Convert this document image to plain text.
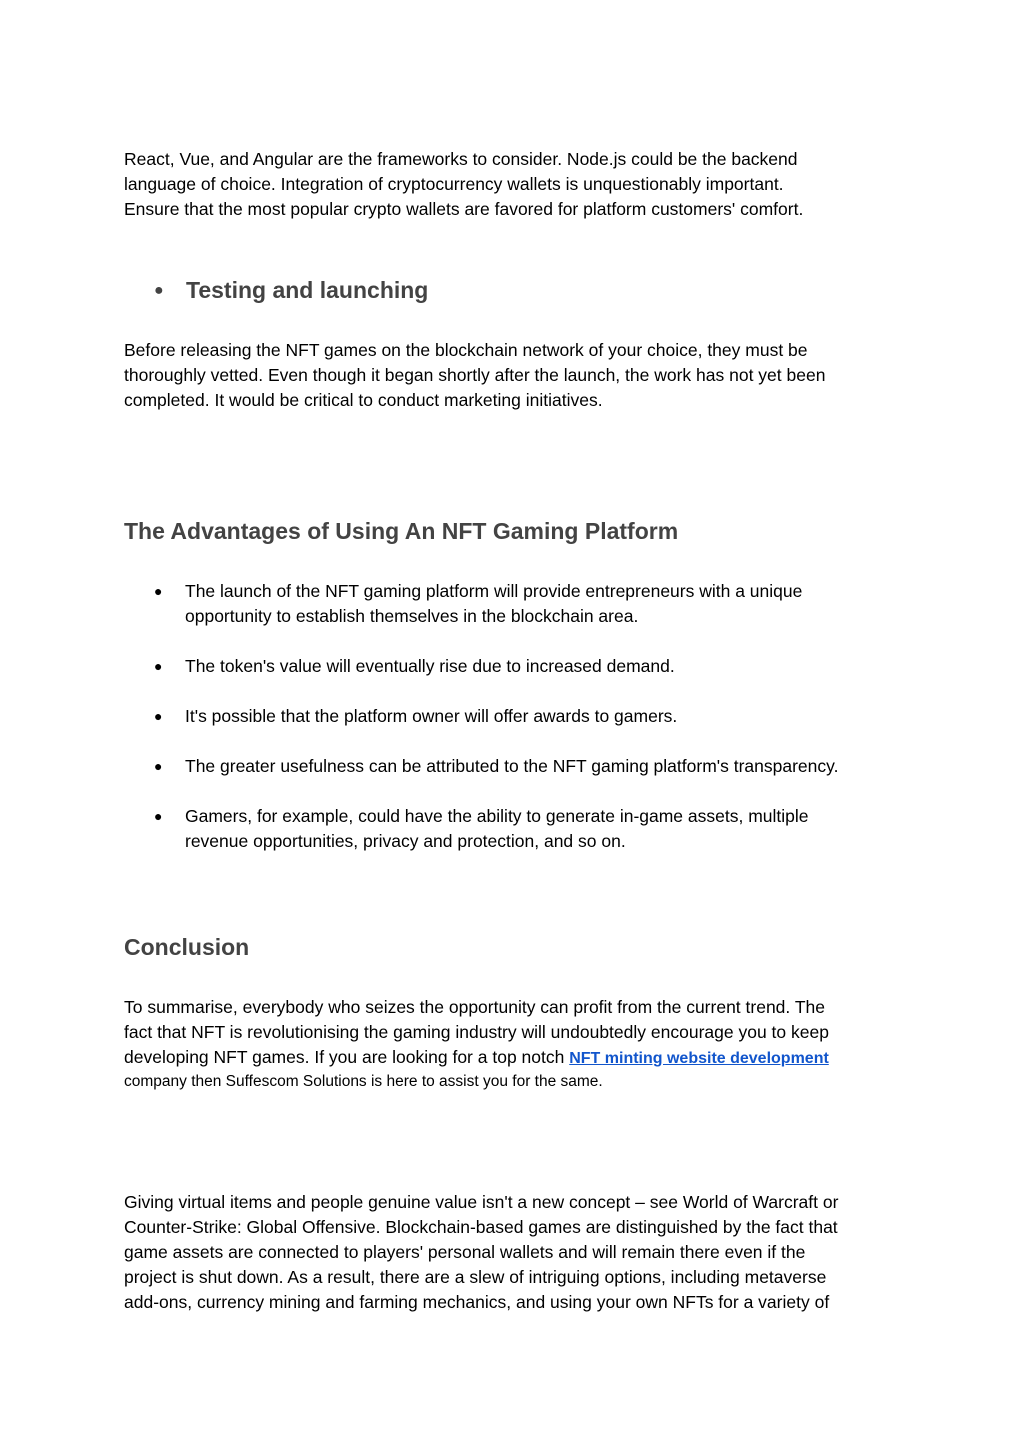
React, Vue, and Angular are the frameworks to consider. Node.js could be the backend
language of choice. Integration of cryptocurrency wallets is unquestionably important.
Ensure that the most popular crypto wallets are favored for platform customers' comfort.
● Testing and launching
Before releasing the NFT games on the blockchain network of your choice, they must be
thoroughly vetted. Even though it began shortly after the launch, the work has not yet been
completed. It would be critical to conduct marketing initiatives.
The Advantages of Using An NFT Gaming Platform
● The launch of the NFT gaming platform will provide entrepreneurs with a unique
opportunity to establish themselves in the blockchain area.
● The token's value will eventually rise due to increased demand.
● It's possible that the platform owner will offer awards to gamers.
● The greater usefulness can be attributed to the NFT gaming platform's transparency.
● Gamers, for example, could have the ability to generate in-game assets, multiple
revenue opportunities, privacy and protection, and so on.
Conclusion
To summarise, everybody who seizes the opportunity can profit from the current trend. The
fact that NFT is revolutionising the gaming industry will undoubtedly encourage you to keep
developing NFT games. If you are looking for a top notch NFT minting website development
company then Suffescom Solutions is here to assist you for the same.
Giving virtual items and people genuine value isn't a new concept – see World of Warcraft or
Counter-Strike: Global Offensive. Blockchain-based games are distinguished by the fact that
game assets are connected to players' personal wallets and will remain there even if the
project is shut down. As a result, there are a slew of intriguing options, including metaverse
add-ons, currency mining and farming mechanics, and using your own NFTs for a variety of
